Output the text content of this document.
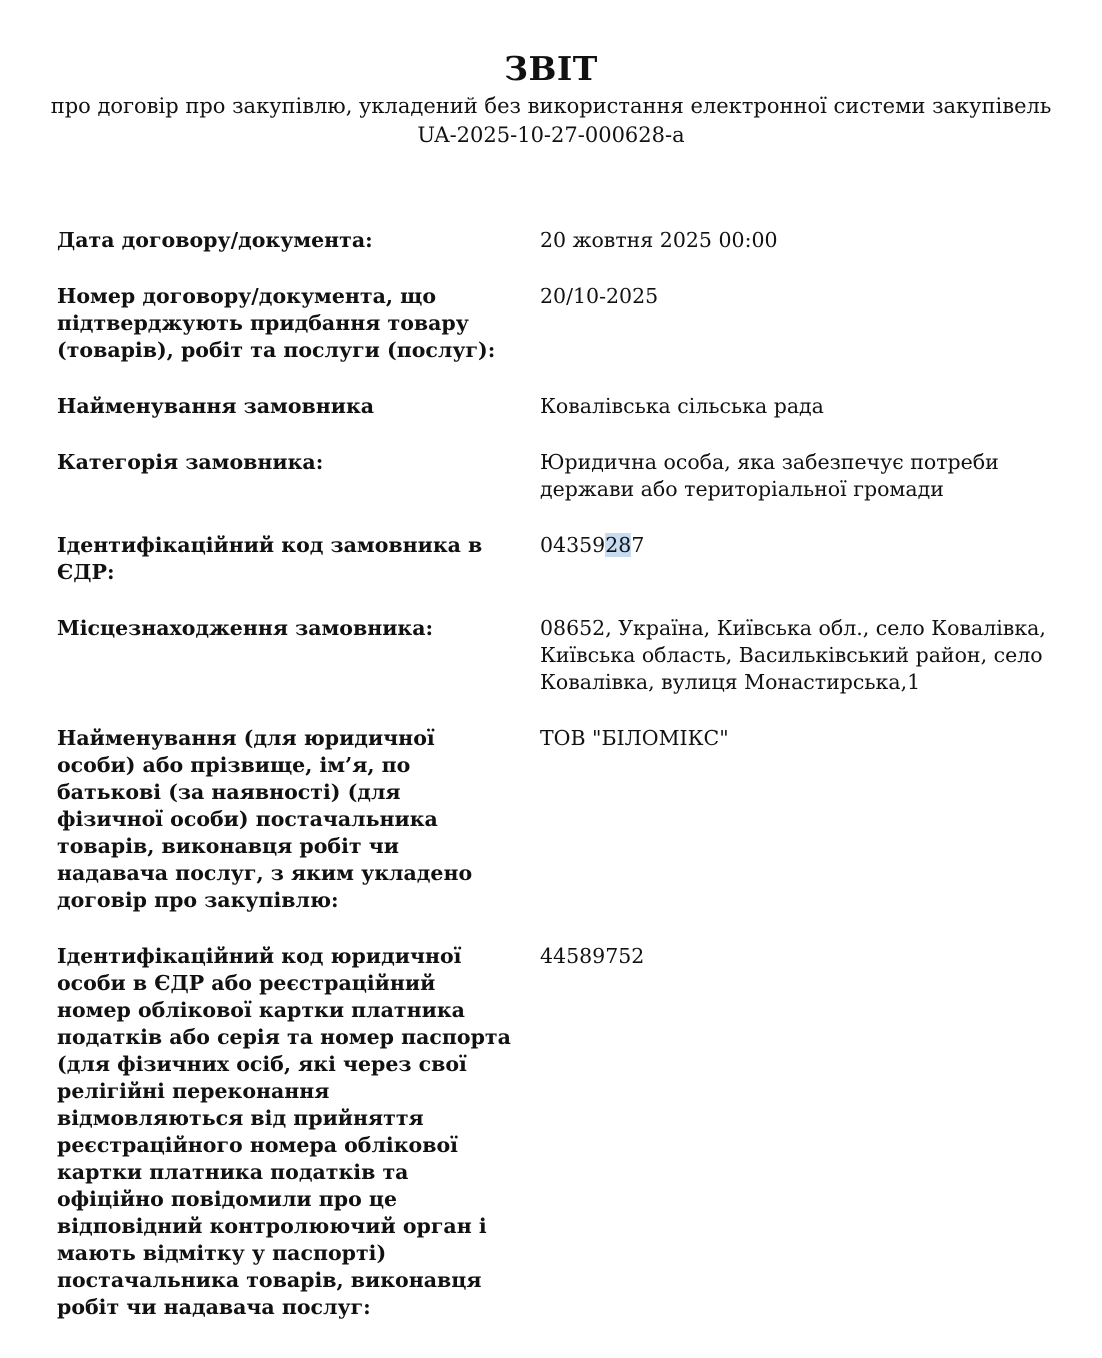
ЗВІТ

про договір про закупівлю, укладений без використання електронної системи закупівель

UA-2025-10-27-000628-a

Дата договору/документа:	20 жовтня 2025 00:00

Номер договору/документа, що підтверджують придбання товару (товарів), робіт та послуги (послуг):

20/10-2025

Найменування замовника	Ковалівська сільська рада

Категорія замовника:	Юридична особа, яка забезпечує потреби держави або територіальної громади

Ідентифікаційний код замовника в ЄДР:

04359287

Місцезнаходження замовника:	08652, Україна, Київська обл., село Ковалівка, Київська область, Васильківський район, село Ковалівка, вулиця Монастирська,1

Найменування (для юридичної особи) або прізвище, ім’я, по батькові (за наявності) (для фізичної особи) постачальника товарів, виконавця робіт чи надавача послуг, з яким укладено договір про закупівлю:

ТОВ "БІЛОМІКС"

Ідентифікаційний код юридичної особи в ЄДР або реєстраційний номер облікової картки платника податків або серія та номер паспорта (для фізичних осіб, які через свої релігійні переконання відмовляються від прийняття реєстраційного номера облікової картки платника податків та офіційно повідомили про це відповідний контролюючий орган і мають відмітку у паспорті) постачальника товарів, виконавця робіт чи надавача послуг:

44589752
